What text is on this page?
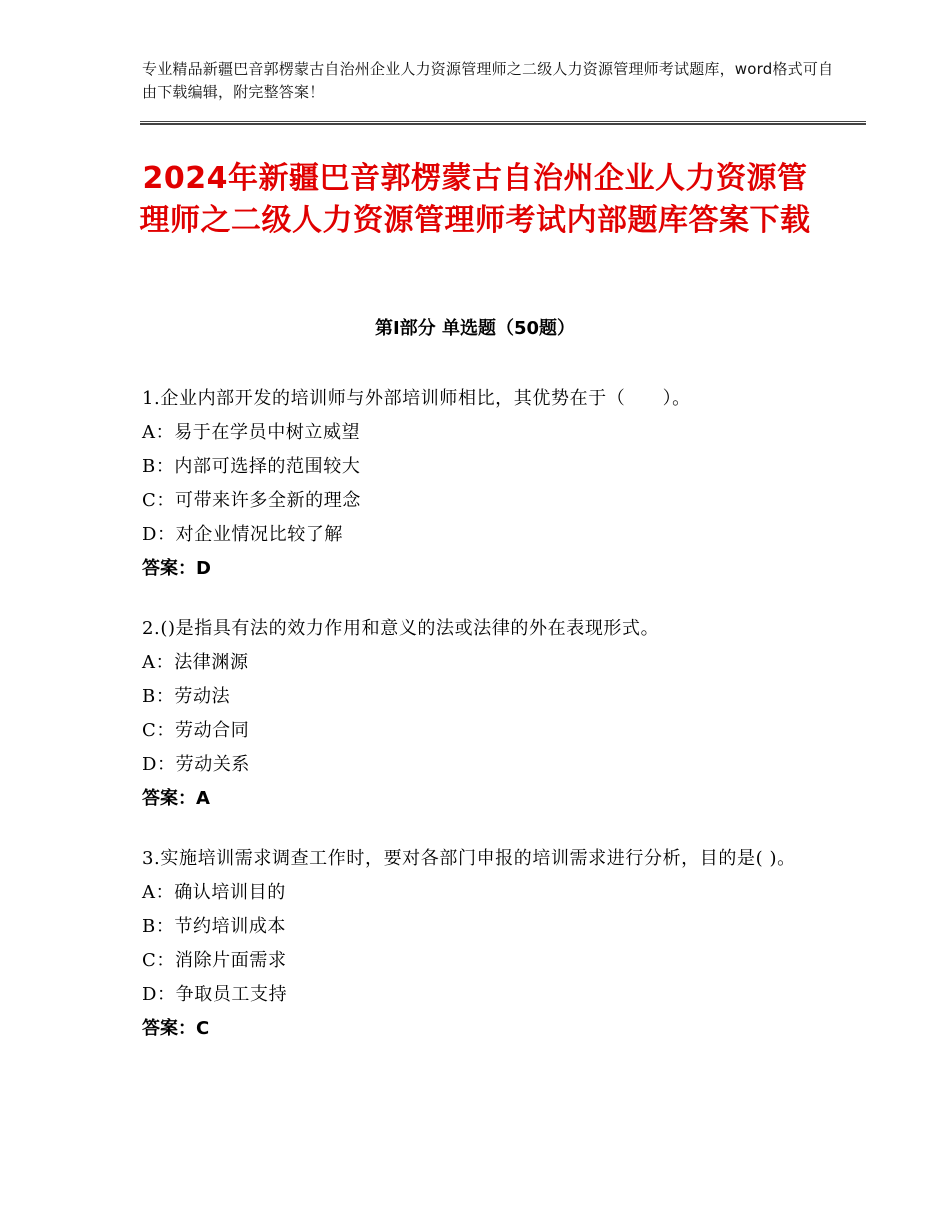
专业精品新疆巴音郭楞蒙古自治州企业人力资源管理师之二级人力资源管理师考试题库，word格式可自由下载编辑，附完整答案！
2024年新疆巴音郭楞蒙古自治州企业人力资源管理师之二级人力资源管理师考试内部题库答案下载
第Ⅰ部分 单选题（50题）
1.企业内部开发的培训师与外部培训师相比，其优势在于（　　）。
A：易于在学员中树立威望
B：内部可选择的范围较大
C：可带来许多全新的理念
D：对企业情况比较了解
答案：D
2.()是指具有法的效力作用和意义的法或法律的外在表现形式。
A：法律渊源
B：劳动法
C：劳动合同
D：劳动关系
答案：A
3.实施培训需求调查工作时，要对各部门申报的培训需求进行分析，目的是( )。
A：确认培训目的
B：节约培训成本
C：消除片面需求
D：争取员工支持
答案：C
